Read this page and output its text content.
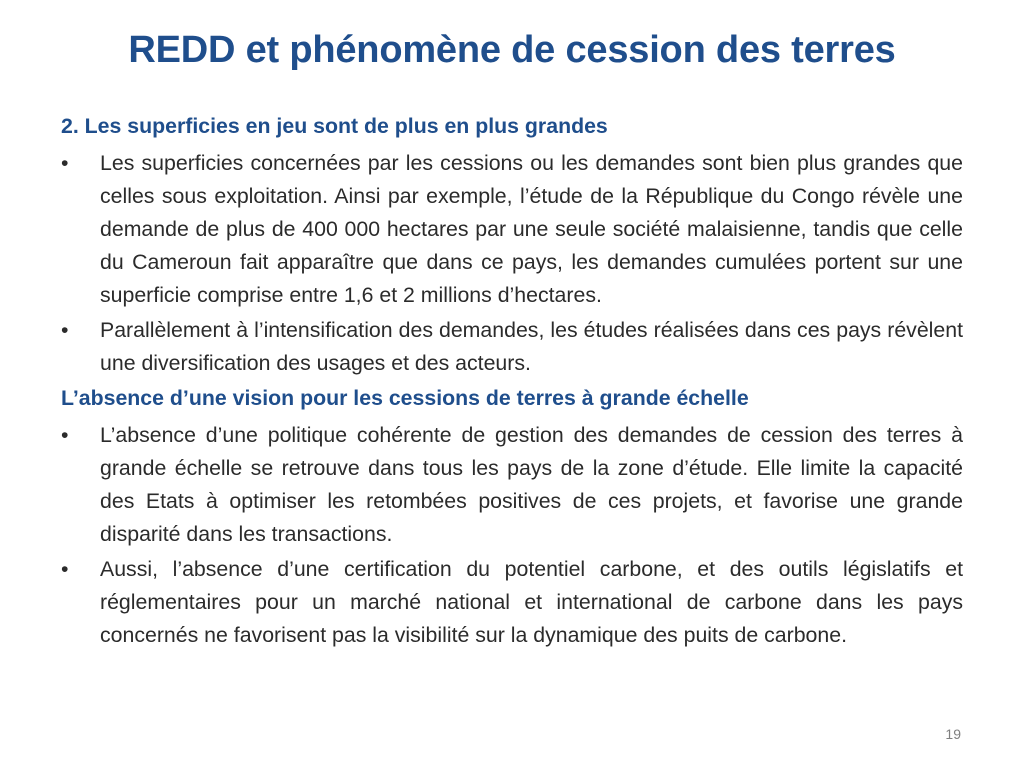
REDD et phénomène de cession des terres
2. Les superficies en jeu sont de plus en plus grandes
•	Les superficies concernées par les cessions ou les demandes sont bien plus grandes que celles sous exploitation. Ainsi par exemple, l’étude de la République du Congo révèle une demande de plus de 400 000 hectares par une seule société malaisienne, tandis que celle du Cameroun fait apparaître que dans ce pays, les demandes cumulées portent sur une superficie comprise entre 1,6 et 2 millions d’hectares.
•	Parallèlement à l’intensification des demandes, les études réalisées dans ces pays révèlent une diversification des usages et des acteurs.
L’absence d’une vision pour les cessions de terres à grande échelle
•	L’absence d’une politique cohérente de gestion des demandes de cession des terres à grande échelle se retrouve dans tous les pays de la zone d’étude. Elle limite la capacité des Etats à optimiser les retombées positives de ces projets, et favorise une grande disparité dans les transactions.
•	Aussi, l’absence d’une certification du potentiel carbone, et des outils législatifs et réglementaires pour un marché national et international de carbone dans les pays concernés ne favorisent pas la visibilité sur la dynamique des puits de carbone.
19
